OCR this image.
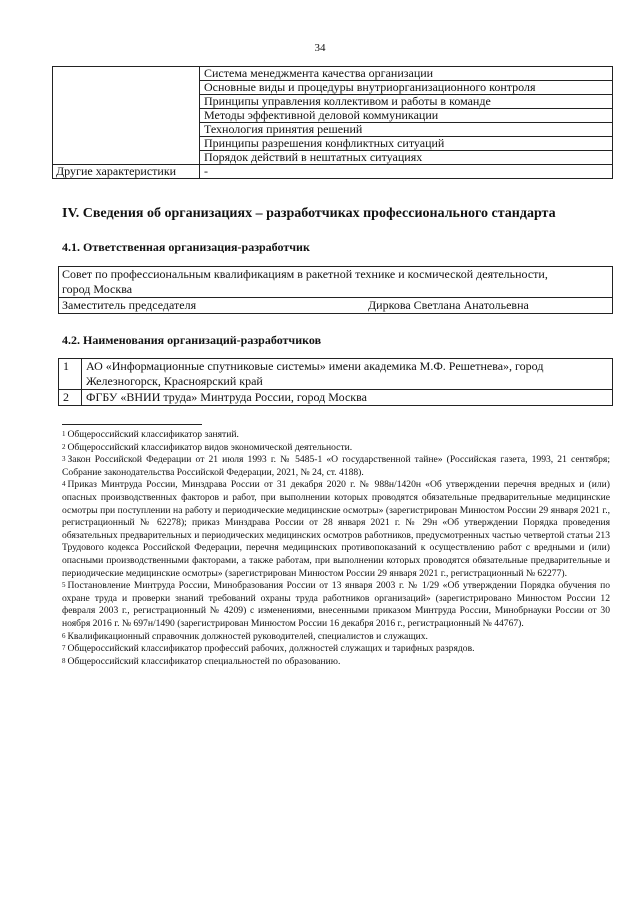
34
	Система менеджмента качества организации
	Основные виды и процедуры внутриорганизационного контроля
	Принципы управления коллективом и работы в команде
	Методы эффективной деловой коммуникации
	Технология принятия решений
	Принципы разрешения конфликтных ситуаций
	Порядок действий в нештатных ситуациях
Другие характеристики	-
IV. Сведения об организациях – разработчиках профессионального стандарта
4.1. Ответственная организация-разработчик
Совет по профессиональным квалификациям в ракетной технике и космической деятельности,
город Москва

Заместитель председателя	Диркова Светлана Анатольевна
4.2. Наименования организаций-разработчиков
1	АО «Информационные спутниковые системы» имени академика М.Ф. Решетнева», город
Железногорск, Красноярский край

2	ФГБУ «ВНИИ труда» Минтруда России, город Москва

$^1$ Общероссийский классификатор занятий.

$^2$ Общероссийский классификатор видов экономической деятельности.

$^3$ Закон Российской Федерации от 21 июля 1993 г. № 5485-1 «О государственной тайне» (Российская газета, 1993, 21 сентября; Собрание законодательства Российской Федерации, 2021, № 24, ст. 4188).

$^4$ Приказ Минтруда России, Минздрава России от 31 декабря 2020 г. № 988н/1420н «Об утверждении перечня вредных и (или) опасных производственных факторов и работ, при выполнении которых проводятся обязательные предварительные медицинские осмотры при поступлении на работу и периодические медицинские осмотры» (зарегистрирован Минюстом России 29 января 2021 г., регистрационный № 62278); приказ Минздрава России от 28 января 2021 г. № 29н «Об утверждении Порядка проведения обязательных предварительных и периодических медицинских осмотров работников, предусмотренных частью четвертой статьи 213 Трудового кодекса Российской Федерации, перечня медицинских противопоказаний к осуществлению работ с вредными и (или) опасными производственными факторами, а также работам, при выполнении которых проводятся обязательные предварительные и периодические медицинские осмотры» (зарегистрирован Минюстом России 29 января 2021 г., регистрационный № 62277).

$^5$ Постановление Минтруда России, Минобразования России от 13 января 2003 г. № 1/29 «Об утверждении Порядка обучения по охране труда и проверки знаний требований охраны труда работников организаций» (зарегистрировано Минюстом России 12 февраля 2003 г., регистрационный № 4209) с изменениями, внесенными приказом Минтруда России, Минобрнауки России от 30 ноября 2016 г. № 697н/1490 (зарегистрирован Минюстом России 16 декабря 2016 г., регистрационный № 44767).

$^6$ Квалификационный справочник должностей руководителей, специалистов и служащих.

$^7$ Общероссийский классификатор профессий рабочих, должностей служащих и тарифных разрядов.

$^8$ Общероссийский классификатор специальностей по образованию.
